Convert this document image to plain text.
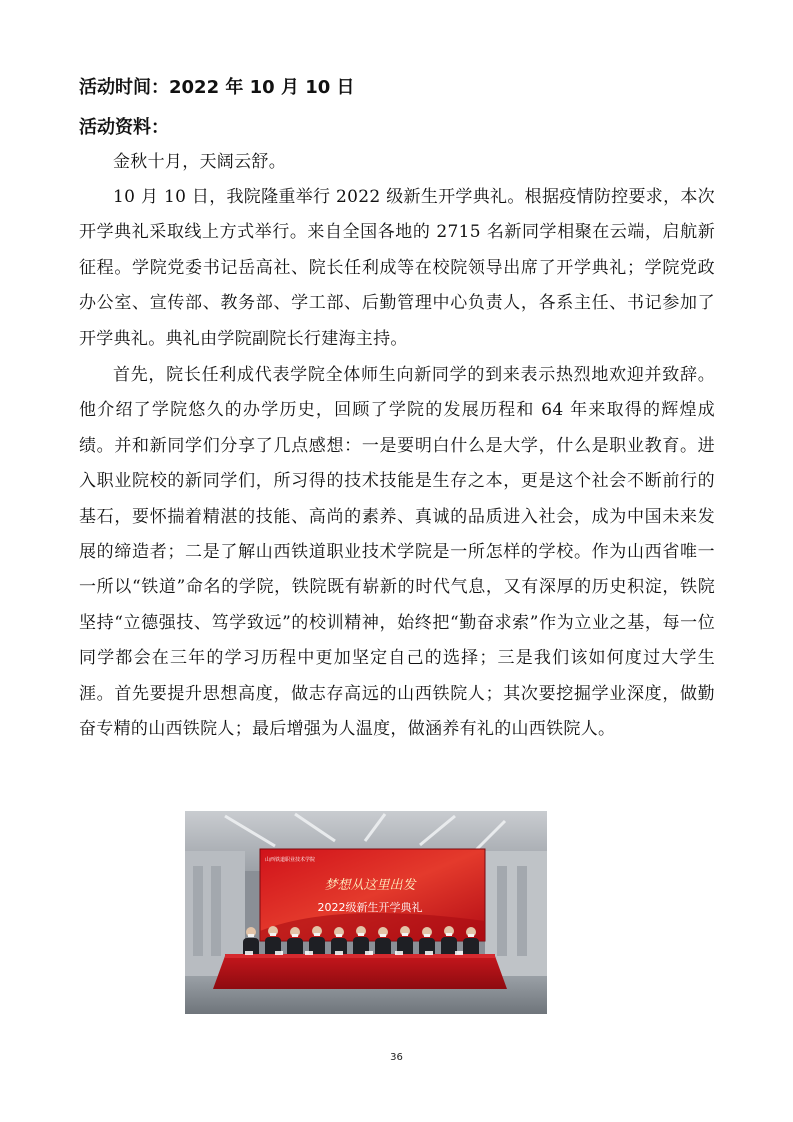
活动时间：2022 年 10 月 10 日
活动资料：

金秋十月，天阔云舒。

10 月 10 日，我院隆重举行 2022 级新生开学典礼。根据疫情防控要求，本次开学典礼采取线上方式举行。来自全国各地的 2715 名新同学相聚在云端，启航新征程。学院党委书记岳高社、院长任利成等在校院领导出席了开学典礼；学院党政办公室、宣传部、教务部、学工部、后勤管理中心负责人，各系主任、书记参加了开学典礼。典礼由学院副院长行建海主持。

首先，院长任利成代表学院全体师生向新同学的到来表示热烈地欢迎并致辞。他介绍了学院悠久的办学历史，回顾了学院的发展历程和 64 年来取得的辉煌成绩。并和新同学们分享了几点感想：一是要明白什么是大学，什么是职业教育。进入职业院校的新同学们，所习得的技术技能是生存之本，更是这个社会不断前行的基石，要怀揣着精湛的技能、高尚的素养、真诚的品质进入社会，成为中国未来发展的缔造者；二是了解山西铁道职业技术学院是一所怎样的学校。作为山西省唯一一所以“铁道”命名的学院，铁院既有崭新的时代气息，又有深厚的历史积淀，铁院坚持“立德强技、笃学致远”的校训精神，始终把“勤奋求索”作为立业之基，每一位同学都会在三年的学习历程中更加坚定自己的选择；三是我们该如何度过大学生涯。首先要提升思想高度，做志存高远的山西铁院人；其次要挖掘学业深度，做勤奋专精的山西铁院人；最后增强为人温度，做涵养有礼的山西铁院人。

山西铁道职业技术学院
梦想从这里出发
2022级新生开学典礼
36
